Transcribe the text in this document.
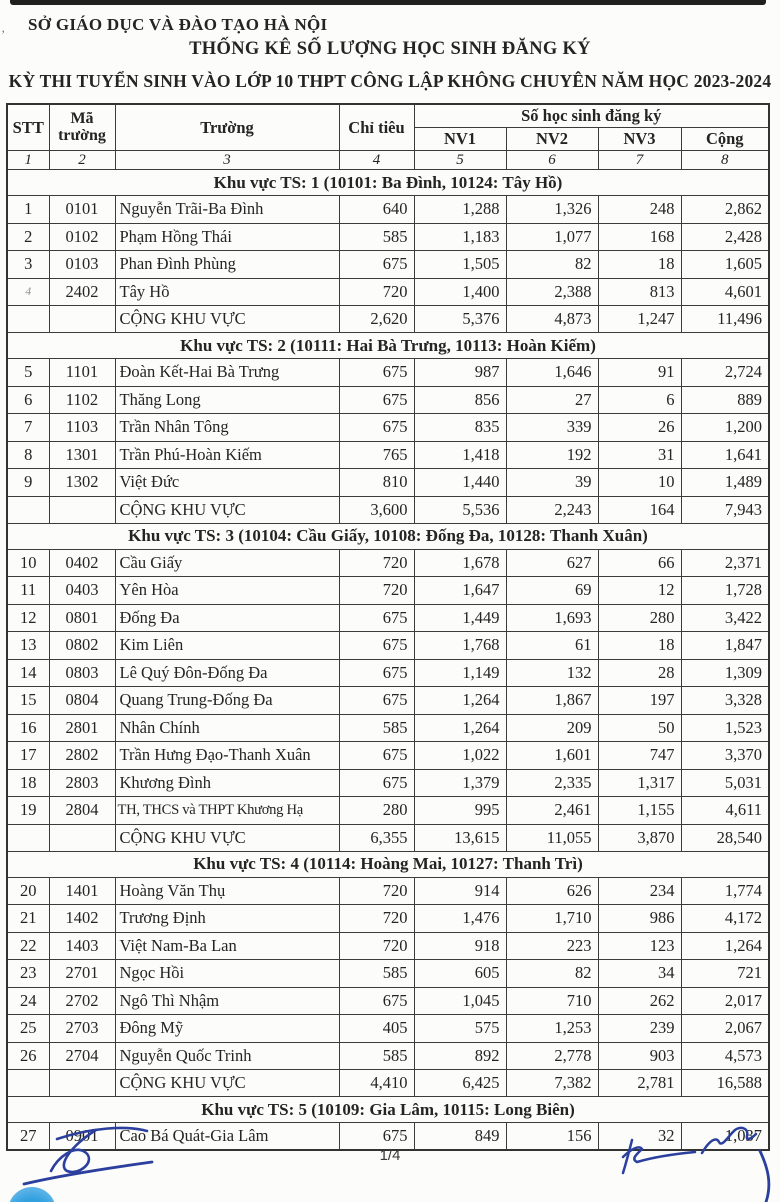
‚ SỞ GIÁO DỤC VÀ ĐÀO TẠO HÀ NỘI
THỐNG KÊ SỐ LƯỢNG HỌC SINH ĐĂNG KÝ
KỲ THI TUYỂN SINH VÀO LỚP 10 THPT CÔNG LẬP KHÔNG CHUYÊN NĂM HỌC 2023-2024
STT	Mã trường	Trường	Chỉ tiêu	Số học sinh đăng ký			
				NV1	NV2	NV3	Cộng
1	2	3	4	5	6	7	8
Khu vực TS: 1 (10101: Ba Đình, 10124: Tây Hồ)							
1	0101	Nguyễn Trãi-Ba Đình	640	1,288	1,326	248	2,862
2	0102	Phạm Hồng Thái	585	1,183	1,077	168	2,428
3	0103	Phan Đình Phùng	675	1,505	82	18	1,605
4	2402	Tây Hồ	720	1,400	2,388	813	4,601
		CỘNG KHU VỰC	2,620	5,376	4,873	1,247	11,496
Khu vực TS: 2 (10111: Hai Bà Trưng, 10113: Hoàn Kiếm)							
5	1101	Đoàn Kết-Hai Bà Trưng	675	987	1,646	91	2,724
6	1102	Thăng Long	675	856	27	6	889
7	1103	Trần Nhân Tông	675	835	339	26	1,200
8	1301	Trần Phú-Hoàn Kiếm	765	1,418	192	31	1,641
9	1302	Việt Đức	810	1,440	39	10	1,489
		CỘNG KHU VỰC	3,600	5,536	2,243	164	7,943
Khu vực TS: 3 (10104: Cầu Giấy, 10108: Đống Đa, 10128: Thanh Xuân)							
10	0402	Cầu Giấy	720	1,678	627	66	2,371
11	0403	Yên Hòa	720	1,647	69	12	1,728
12	0801	Đống Đa	675	1,449	1,693	280	3,422
13	0802	Kim Liên	675	1,768	61	18	1,847
14	0803	Lê Quý Đôn-Đống Đa	675	1,149	132	28	1,309
15	0804	Quang Trung-Đống Đa	675	1,264	1,867	197	3,328
16	2801	Nhân Chính	585	1,264	209	50	1,523
17	2802	Trần Hưng Đạo-Thanh Xuân	675	1,022	1,601	747	3,370
18	2803	Khương Đình	675	1,379	2,335	1,317	5,031
19	2804	TH, THCS và THPT Khương Hạ	280	995	2,461	1,155	4,611
		CỘNG KHU VỰC	6,355	13,615	11,055	3,870	28,540
Khu vực TS: 4 (10114: Hoàng Mai, 10127: Thanh Trì)							
20	1401	Hoàng Văn Thụ	720	914	626	234	1,774
21	1402	Trương Định	720	1,476	1,710	986	4,172
22	1403	Việt Nam-Ba Lan	720	918	223	123	1,264
23	2701	Ngọc Hồi	585	605	82	34	721
24	2702	Ngô Thì Nhậm	675	1,045	710	262	2,017
25	2703	Đông Mỹ	405	575	1,253	239	2,067
26	2704	Nguyễn Quốc Trinh	585	892	2,778	903	4,573
		CỘNG KHU VỰC	4,410	6,425	7,382	2,781	16,588
Khu vực TS: 5 (10109: Gia Lâm, 10115: Long Biên)							
27	0901	Cao Bá Quát-Gia Lâm	675	849	156	32	1,037
1/4
